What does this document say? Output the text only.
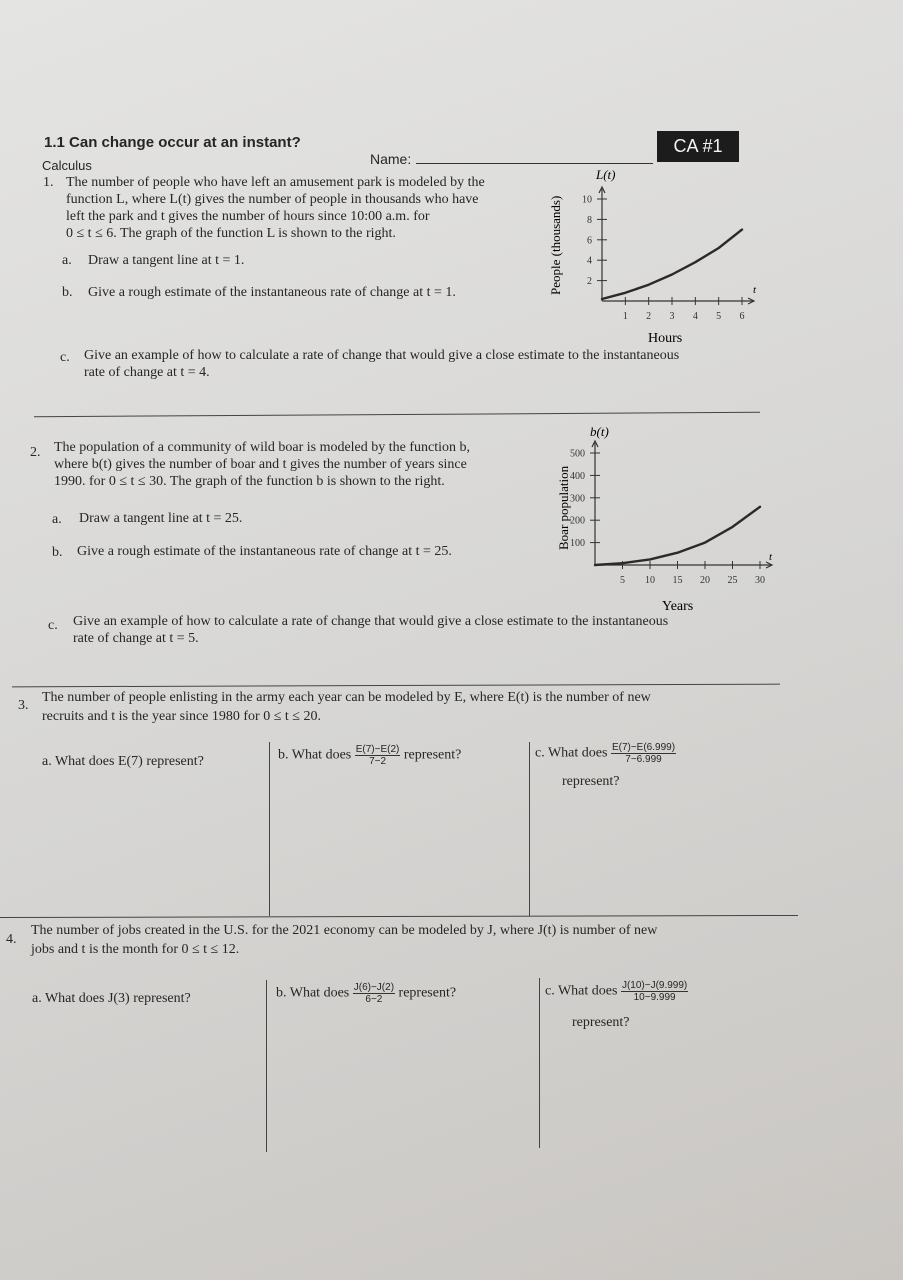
1.1 Can change occur at an instant?
Calculus	Name:
CA #1
1. The number of people who have left an amusement park is modeled by the
function L, where L(t) gives the number of people in thousands who have
left the park and t gives the number of hours since 10:00 a.m. for
0 ≤ t ≤ 6. The graph of the function L is shown to the right.
a. Draw a tangent line at t = 1.
b. Give a rough estimate of the instantaneous rate of change at t = 1.
c. Give an example of how to calculate a rate of change that would give a close estimate to the instantaneous
rate of change at t = 4.
L(t)
People (thousands)
Hours
t
1 2 3 4 5 6
2
4
6
8
10
2. The population of a community of wild boar is modeled by the function b,
where b(t) gives the number of boar and t gives the number of years since
1990. for 0 ≤ t ≤ 30. The graph of the function b is shown to the right.
a. Draw a tangent line at t = 25.
b. Give a rough estimate of the instantaneous rate of change at t = 25.
c. Give an example of how to calculate a rate of change that would give a close estimate to the instantaneous
rate of change at t = 5.
b(t)
Boar population
Years
t
5 10 15 20 25 30
100
200
300
400
500
3.
The number of people enlisting in the army each year can be modeled by E, where E(t) is the number of new
recruits and t is the year since 1980 for 0 ≤ t ≤ 20.
a. What does E(7) represent?	b. What does $\frac{E(7)-E(2)}{7-2}$ represent?	c. What does $\frac{E(7)-E(6.999)}{7-6.999}$
represent?
4.
The number of jobs created in the U.S. for the 2021 economy can be modeled by J, where J(t) is number of new
jobs and t is the month for 0 ≤ t ≤ 12.
a. What does J(3) represent?	b. What does $\frac{J(6)-J(2)}{6-2}$ represent?	c. What does $\frac{J(10)-J(9.999)}{10-9.999}$
represent?
